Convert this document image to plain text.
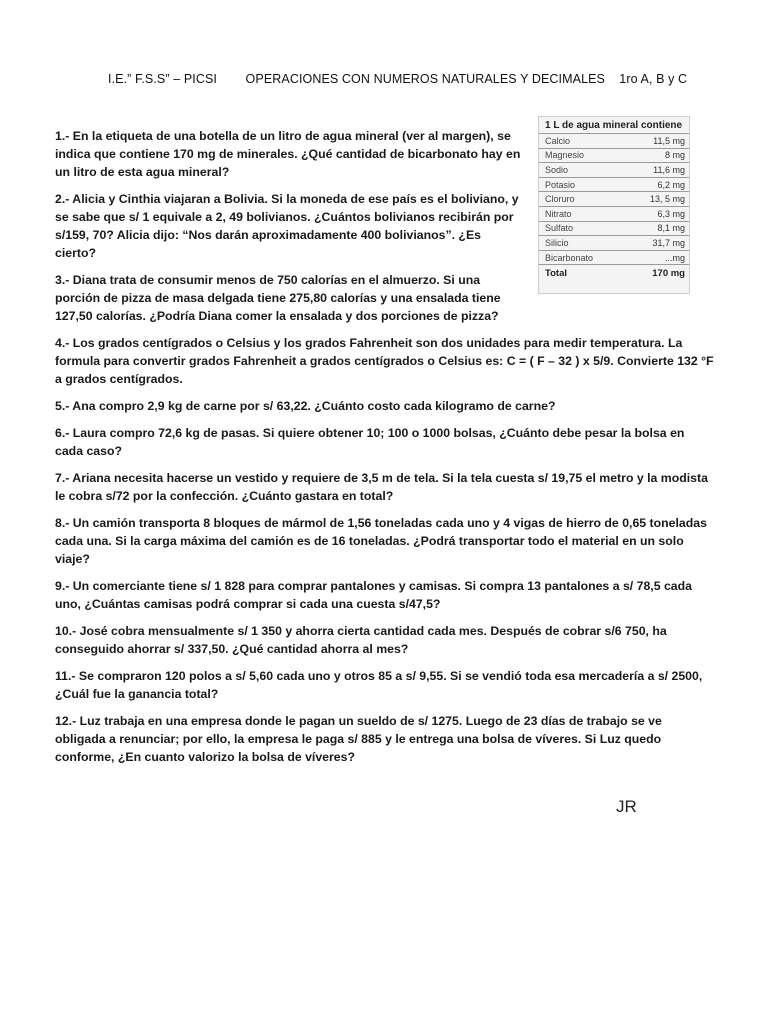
I.E.” F.S.S” – PICSI        OPERACIONES CON NUMEROS NATURALES Y DECIMALES    1ro A, B y C
1 L de agua mineral contiene
Calcio	11,5 mg
Magnesio	8 mg
Sodio	11,6 mg
Potasio	6,2 mg
Cloruro	13, 5 mg
Nitrato	6,3 mg
Sulfato	8,1 mg
Silicio	31,7 mg
Bicarbonato	...mg
Total	170 mg

1.- En la etiqueta de una botella de un litro de agua mineral (ver al margen), se indica que contiene 170 mg de minerales. ¿Qué cantidad de bicarbonato hay en un litro de esta agua mineral?

2.- Alicia y Cinthia viajaran a Bolivia. Si la moneda de ese país es el boliviano, y se sabe que s/ 1 equivale a 2, 49 bolivianos. ¿Cuántos bolivianos recibirán por s/159, 70? Alicia dijo: “Nos darán aproximadamente 400 bolivianos”. ¿Es cierto?

3.- Diana trata de consumir menos de 750 calorías en el almuerzo. Si una porción de pizza de masa delgada tiene 275,80 calorías y una ensalada tiene 127,50 calorías. ¿Podría Diana comer la ensalada y dos porciones de pizza?

4.- Los grados centígrados o Celsius y los grados Fahrenheit son dos unidades para medir temperatura. La formula para convertir grados Fahrenheit a grados centígrados o Celsius es: C = ( F – 32 ) x 5/9. Convierte 132 °F a grados centígrados.

5.- Ana compro 2,9 kg de carne por s/ 63,22. ¿Cuánto costo cada kilogramo de carne?

6.- Laura compro 72,6 kg de pasas. Si quiere obtener 10; 100 o 1000 bolsas, ¿Cuánto debe pesar la bolsa en cada caso?

7.- Ariana necesita hacerse un vestido y requiere de 3,5 m de tela. Si la tela cuesta s/ 19,75 el metro y la modista le cobra s/72 por la confección. ¿Cuánto gastara en total?

8.- Un camión transporta 8 bloques de mármol de 1,56 toneladas cada uno y 4 vigas de hierro de 0,65 toneladas cada una. Si la carga máxima del camión es de 16 toneladas. ¿Podrá transportar todo el material en un solo viaje?

9.- Un comerciante tiene s/ 1 828 para comprar pantalones y camisas. Si compra 13 pantalones a s/ 78,5 cada uno, ¿Cuántas camisas podrá comprar si cada una cuesta s/47,5?

10.- José cobra mensualmente s/ 1 350 y ahorra cierta cantidad cada mes. Después de cobrar s/6 750, ha conseguido ahorrar s/ 337,50. ¿Qué cantidad ahorra al mes?

11.- Se compraron 120 polos a s/ 5,60 cada uno y otros 85 a s/ 9,55. Si se vendió toda esa mercadería a s/ 2500, ¿Cuál fue la ganancia total?

12.- Luz trabaja en una empresa donde le pagan un sueldo de s/ 1275. Luego de 23 días de trabajo se ve obligada a renunciar; por ello, la empresa le paga s/ 885 y le entrega una bolsa de víveres. Si Luz quedo conforme, ¿En cuanto valorizo la bolsa de víveres?

JR
